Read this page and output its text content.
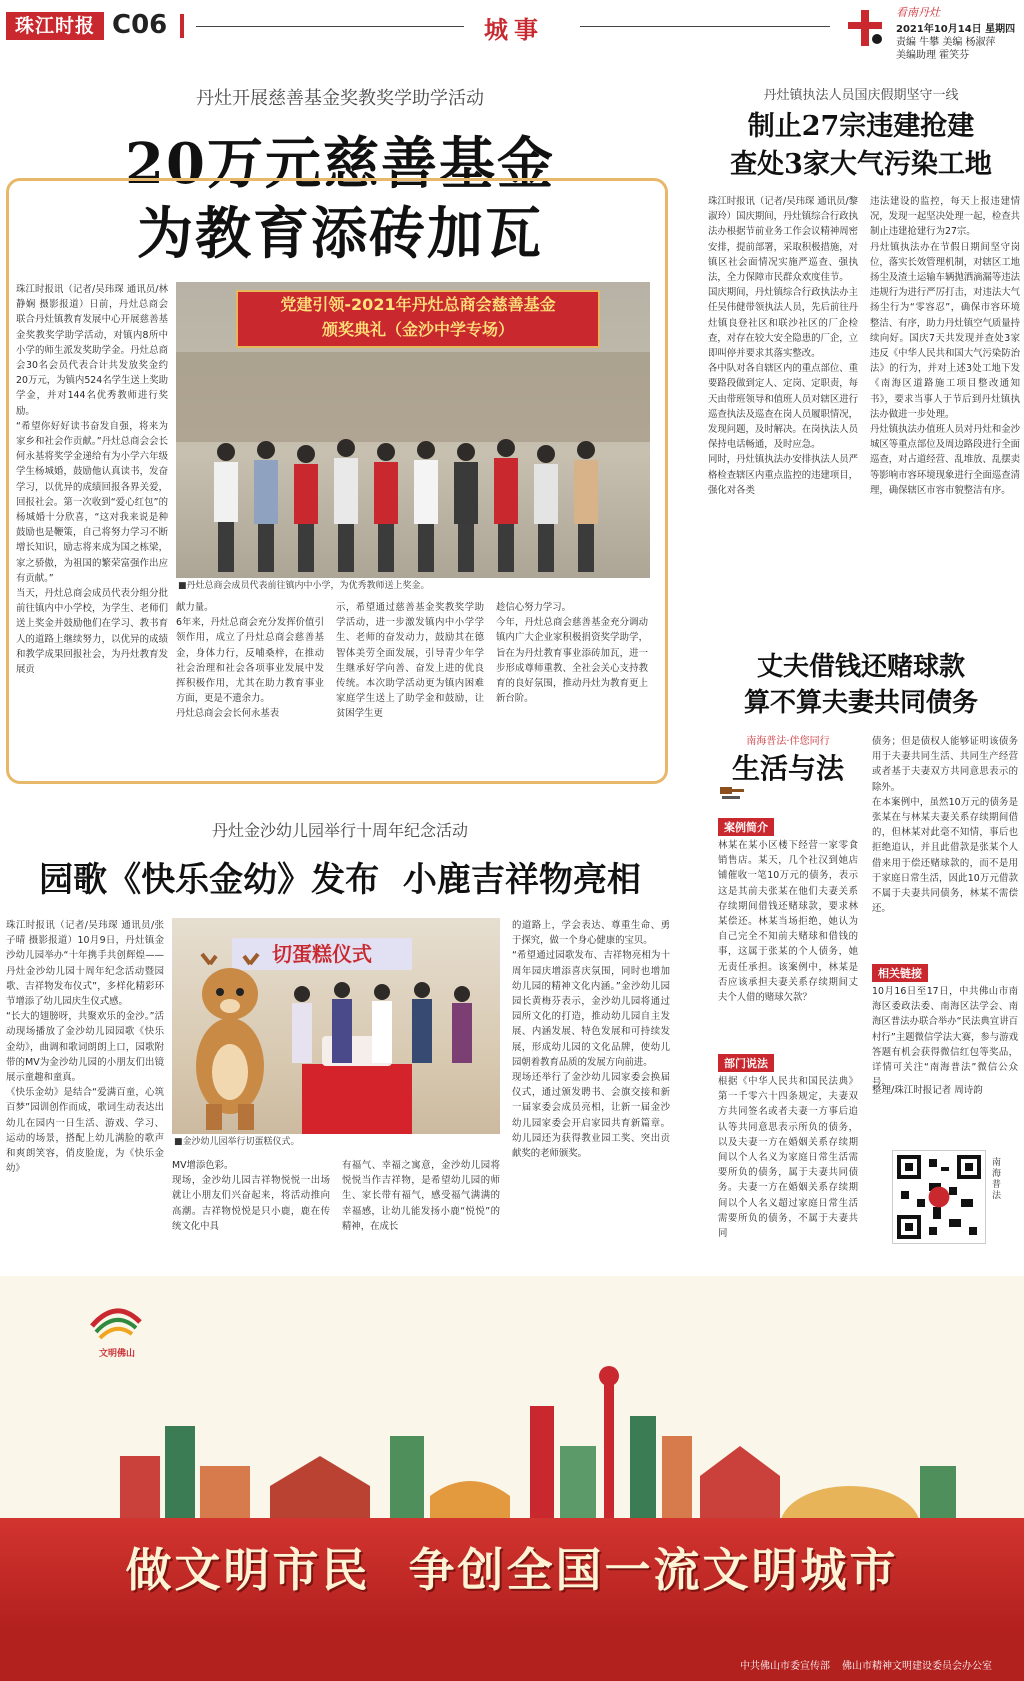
珠江时报 C06	城事
看南丹灶
2021年10月14日 星期四
责编 牛攀 美编 杨淑萍
美编助理 霍笑芬
丹灶开展慈善基金奖教奖学助学活动
20万元慈善基金
为教育添砖加瓦
珠江时报讯（记者/吴玮琛 通讯员/林静娴 摄影报道）日前，丹灶总商会联合丹灶镇教育发展中心开展慈善基金奖教奖学助学活动，对镇内8所中小学的师生派发奖助学金。丹灶总商会30名会员代表合计共发放奖金约20万元，为镇内524名学生送上奖助学金，并对144名优秀教师进行奖励。
“希望你好好读书奋发自强，将来为家乡和社会作贡献。”丹灶总商会会长何永基将奖学金递给有为小学六年级学生杨城婚，鼓励他认真读书，发奋学习，以优异的成绩回报各界关爱，回报社会。第一次收到“爱心红包”的杨城婚十分欣喜，“这对我来说是种鼓励也是鞭策，自己将努力学习不断增长知识，励志将来成为国之栋梁，家之骄傲，为祖国的繁荣富强作出应有贡献。”
当天，丹灶总商会成员代表分组分批前往镇内中小学校，为学生、老师们送上奖金并鼓励他们在学习、教书育人的道路上继续努力，以优异的成绩和教学成果回报社会，为丹灶教育发展贡
党建引领-2021年丹灶总商会慈善基金
颁奖典礼（金沙中学专场）
■丹灶总商会成员代表前往镇内中小学，为优秀教师送上奖金。
献力量。
6年来，丹灶总商会充分发挥价值引领作用，成立了丹灶总商会慈善基金，身体力行，反哺桑梓，在推动社会治理和社会各项事业发展中发挥积极作用，尤其在助力教育事业方面，更是不遗余力。
丹灶总商会会长何永基表
示，希望通过慈善基金奖教奖学助学活动，进一步激发镇内中小学学生、老师的奋发动力，鼓励其在德智体美劳全面发展，引导青少年学生继承好学向善、奋发上进的优良传统。本次助学活动更为镇内困难家庭学生送上了助学金和鼓励，让贫困学生更
趁信心努力学习。
今年，丹灶总商会慈善基金充分调动镇内广大企业家积极捐资奖学助学，旨在为丹灶教育事业添砖加瓦，进一步形成尊师重教、全社会关心支持教育的良好氛围，推动丹灶为教育更上新台阶。
丹灶镇执法人员国庆假期坚守一线
制止27宗违建抢建
查处3家大气污染工地
珠江时报讯（记者/吴玮琛 通讯员/黎淑玲）国庆期间，丹灶镇综合行政执法办根据节前业务工作会议精神周密安排，提前部署，采取积极措施，对镇区社会面情况实施严巡查、强执法，全力保障市民群众欢度佳节。
国庆期间，丹灶镇综合行政执法办主任吴伟健带领执法人员，先后前往丹灶镇良登社区和联沙社区的厂企检查，对存在较大安全隐患的厂企，立即叫停并要求其落实整改。
各中队对各自辖区内的重点部位、重要路段做到定人、定岗、定职责，每天由带班领导和值班人员对辖区进行巡查执法及巡查在岗人员履职情况，发现问题，及时解决。在岗执法人员保持电话畅通，及时应急。
同时，丹灶镇执法办安排执法人员严格检查辖区内重点监控的违建项目，强化对各类
违法建设的监控，每天上报违建情况，发现一起坚决处理一起，检查共制止违建抢建行为27宗。
丹灶镇执法办在节假日期间坚守岗位，落实长效管理机制，对辖区工地扬尘及渣土运输车辆抛洒滴漏等违法违规行为进行严厉打击，对违法大气扬尘行为“零容忍”，确保市容环境整洁、有序，助力丹灶镇空气质量持续向好。国庆7天共发现并查处3家违反《中华人民共和国大气污染防治法》的行为，并对上述3处工地下发《南海区道路施工项目整改通知书》，要求当事人于节后到丹灶镇执法办做进一步处理。
丹灶镇执法办值班人员对丹灶和金沙城区等重点部位及周边路段进行全面巡查，对占道经营、乱堆放、乱摆卖等影响市容环境现象进行全面巡查清理，确保辖区市容市貌整洁有序。
丹灶金沙幼儿园举行十周年纪念活动
园歌《快乐金幼》发布  小鹿吉祥物亮相
珠江时报讯（记者/吴玮琛 通讯员/张子晴 摄影报道）10月9日，丹灶镇金沙幼儿园举办“十年携手共创辉煌——丹灶金沙幼儿园十周年纪念活动暨园歌、吉祥物发布仪式”，多样化精彩环节增添了幼儿园庆生仪式感。
“长大的翅膀呀，共聚欢乐的金沙。”活动现场播放了金沙幼儿园园歌《快乐金幼》，曲调和歌词朗朗上口，园歌附带的MV为金沙幼儿园的小朋友们出镜展示童趣和童真。
《快乐金幼》是结合“爱满百童，心筑百梦”园训创作而成，歌词生动表达出幼儿在园内一日生活、游戏、学习、运动的场景，搭配上幼儿满脸的歌声和爽朗笑容，俏皮脸庞，为《快乐金幼》
切蛋糕仪式
■金沙幼儿园举行切蛋糕仪式。
的道路上，学会表达、尊重生命、勇于探究，做一个身心健康的宝贝。
“希望通过园歌发布、吉祥物亮相为十周年园庆增添喜庆氛围，同时也增加幼儿园的精神文化内涵。”金沙幼儿园园长黄梅芬表示，金沙幼儿园将通过园所文化的打造，推动幼儿园自主发展、内涵发展、特色发展和可持续发展，形成幼儿园的文化品牌，使幼儿园朝着教育品质的发展方向前进。
现场还举行了金沙幼儿园家委会换届仪式，通过颁发聘书、会旗交接和新一届家委会成员亮相，让新一届金沙幼儿园家委会开启家园共育新篇章。幼儿园还为获得教业园工奖、突出贡献奖的老师颁奖。
MV增添色彩。
现场，金沙幼儿园吉祥物悦悦一出场就让小朋友们兴奋起来，将活动推向高潮。吉祥物悦悦是只小鹿，鹿在传统文化中具
有福气、幸福之寓意，金沙幼儿园将悦悦当作吉祥物，是希望幼儿园的师生、家长带有福气，感受福气满满的幸福感，让幼儿能发扬小鹿“悦悦”的精神，在成长
丈夫借钱还赌球款
算不算夫妻共同债务
南海普法·伴您同行
生活与法
案例简介
林某在某小区楼下经营一家零食销售店。某天，几个社汉到她店铺催收一笔10万元的债务，表示这是其前夫张某在他们夫妻关系存续期间借钱还赌球款，要求林某偿还。林某当场拒绝，她认为自己完全不知前夫赌球和借钱的事，这属于张某的个人债务，她无责任承担。该案例中，林某是否应该承担夫妻关系存续期间丈夫个人借的赌球欠款？
部门说法
根据《中华人民共和国民法典》第一千零六十四条规定，夫妻双方共同签名或者夫妻一方事后追认等共同意思表示所负的债务，以及夫妻一方在婚姻关系存续期间以个人名义为家庭日常生活需要所负的债务，属于夫妻共同债务。夫妻一方在婚姻关系存续期间以个人名义超过家庭日常生活需要所负的债务，不属于夫妻共同
债务；但是债权人能够证明该债务用于夫妻共同生活、共同生产经营或者基于夫妻双方共同意思表示的除外。
在本案例中，虽然10万元的债务是张某在与林某夫妻关系存续期间借的，但林某对此毫不知情，事后也拒绝追认，并且此借款是张某个人借来用于偿还赌球款的，而不是用于家庭日常生活，因此10万元借款不属于夫妻共同债务，林某不需偿还。
相关链接
10月16日至17日，中共佛山市南海区委政法委、南海区法学会、南海区普法办联合举办“民法典宣讲百村行”主题微信学法大赛，参与游戏答题有机会获得微信红包等奖品，详情可关注“南海普法”微信公众号。
整理/珠江时报记者 周诗韵
南海普法
文明佛山
做文明市民  争创全国一流文明城市
中共佛山市委宣传部 佛山市精神文明建设委员会办公室
